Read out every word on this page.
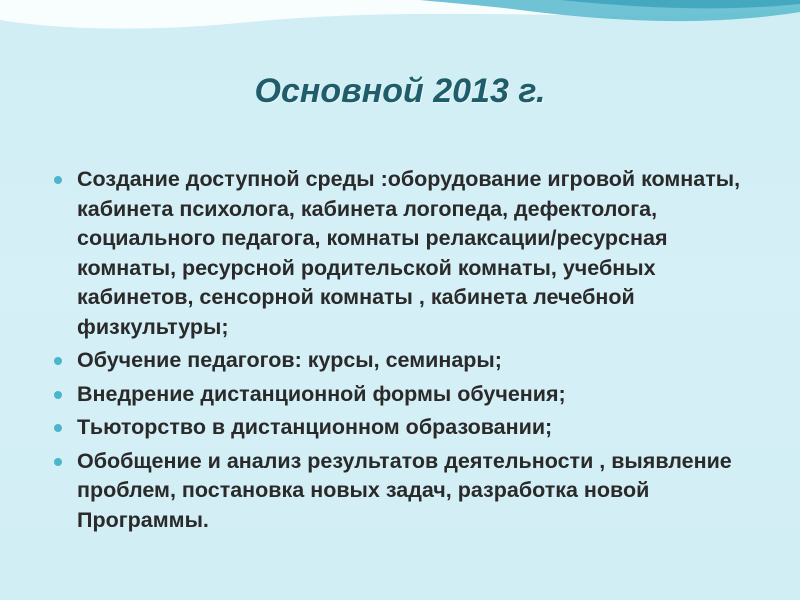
Основной 2013 г.
Создание доступной среды :оборудование игровой комнаты, кабинета психолога, кабинета логопеда, дефектолога, социального педагога, комнаты релаксации/ресурсная комнаты, ресурсной родительской комнаты, учебных кабинетов, сенсорной комнаты , кабинета лечебной физкультуры;
Обучение педагогов: курсы, семинары;
Внедрение дистанционной формы обучения;
Тьюторство в дистанционном образовании;
Обобщение и анализ результатов деятельности , выявление проблем, постановка новых задач, разработка новой Программы.
